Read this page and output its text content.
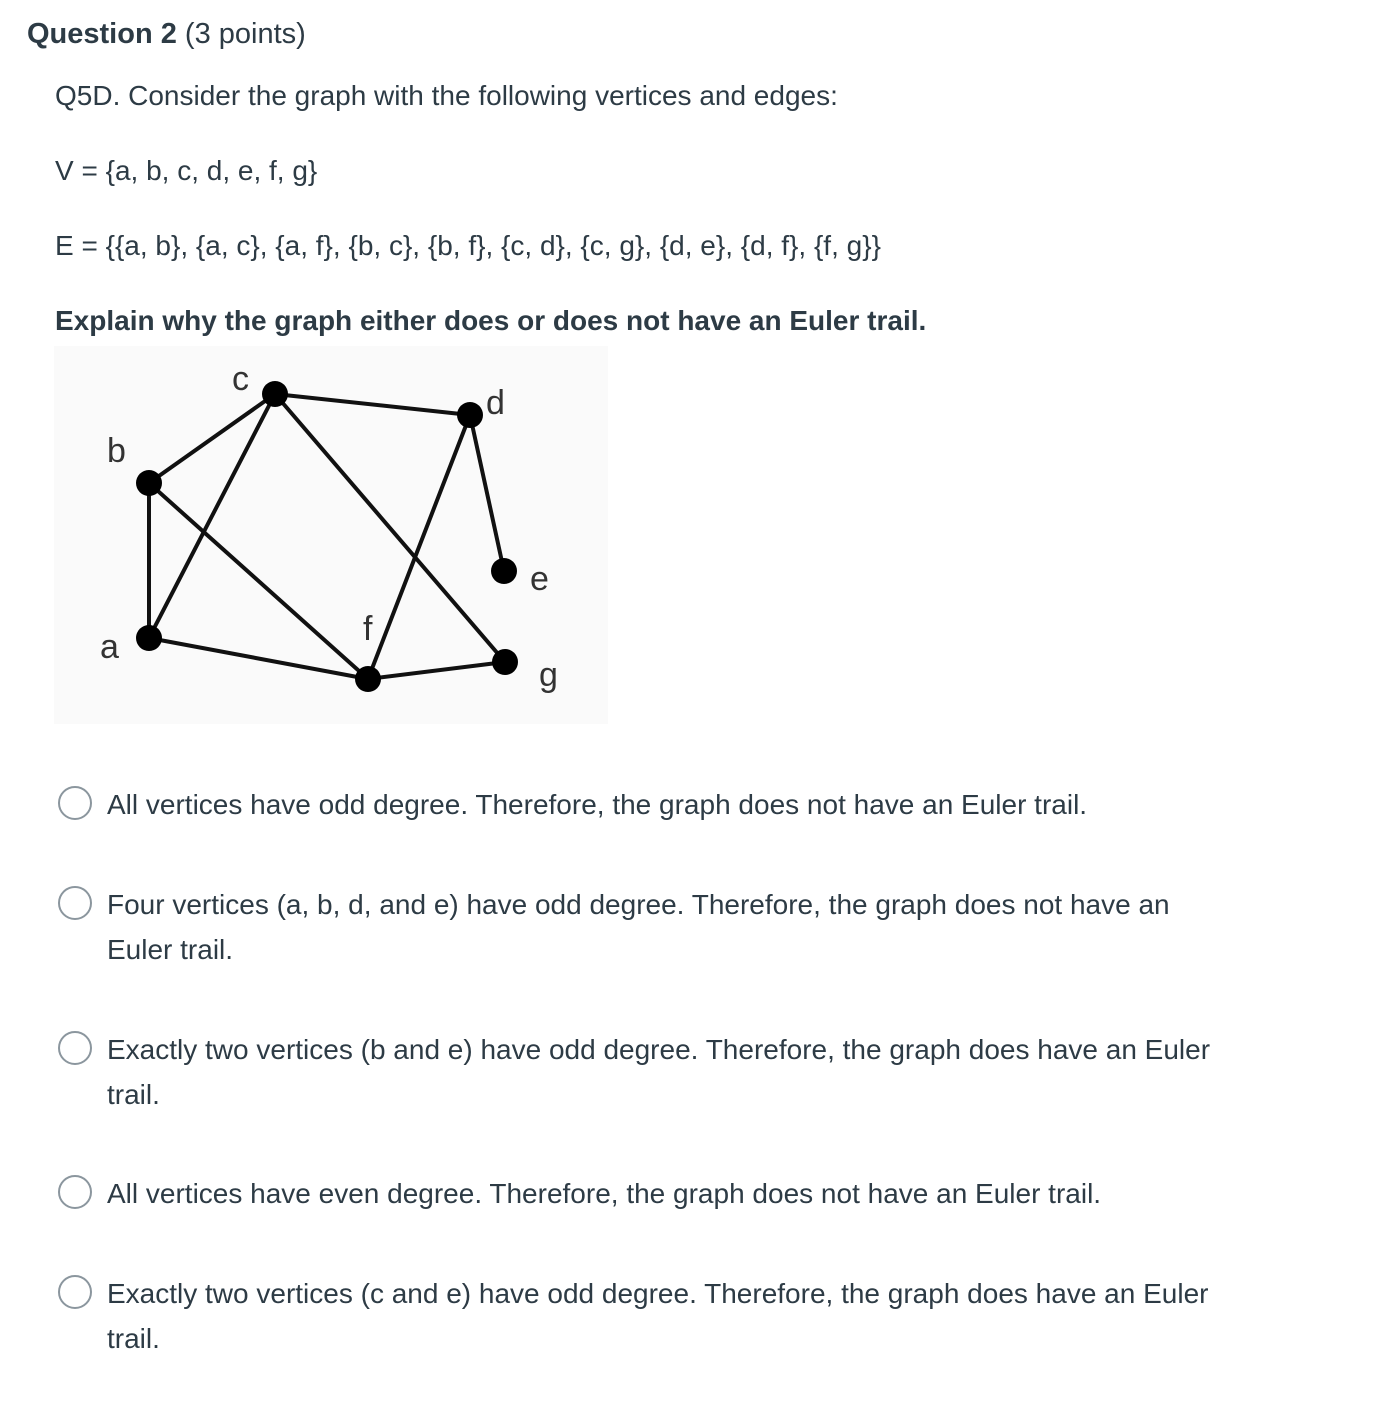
Question 2 (3 points)
Q5D. Consider the graph with the following vertices and edges:
V = {a, b, c, d, e, f, g}
E = {{a, b}, {a, c}, {a, f}, {b, c}, {b, f}, {c, d}, {c, g}, {d, e}, {d, f}, {f, g}}
Explain why the graph either does or does not have an Euler trail.
c
d
b
e
f
a
g
All vertices have odd degree. Therefore, the graph does not have an Euler trail.
Four vertices (a, b, d, and e) have odd degree. Therefore, the graph does not have an Euler trail.
Exactly two vertices (b and e) have odd degree. Therefore, the graph does have an Euler trail.
All vertices have even degree. Therefore, the graph does not have an Euler trail.
Exactly two vertices (c and e) have odd degree. Therefore, the graph does have an Euler trail.
